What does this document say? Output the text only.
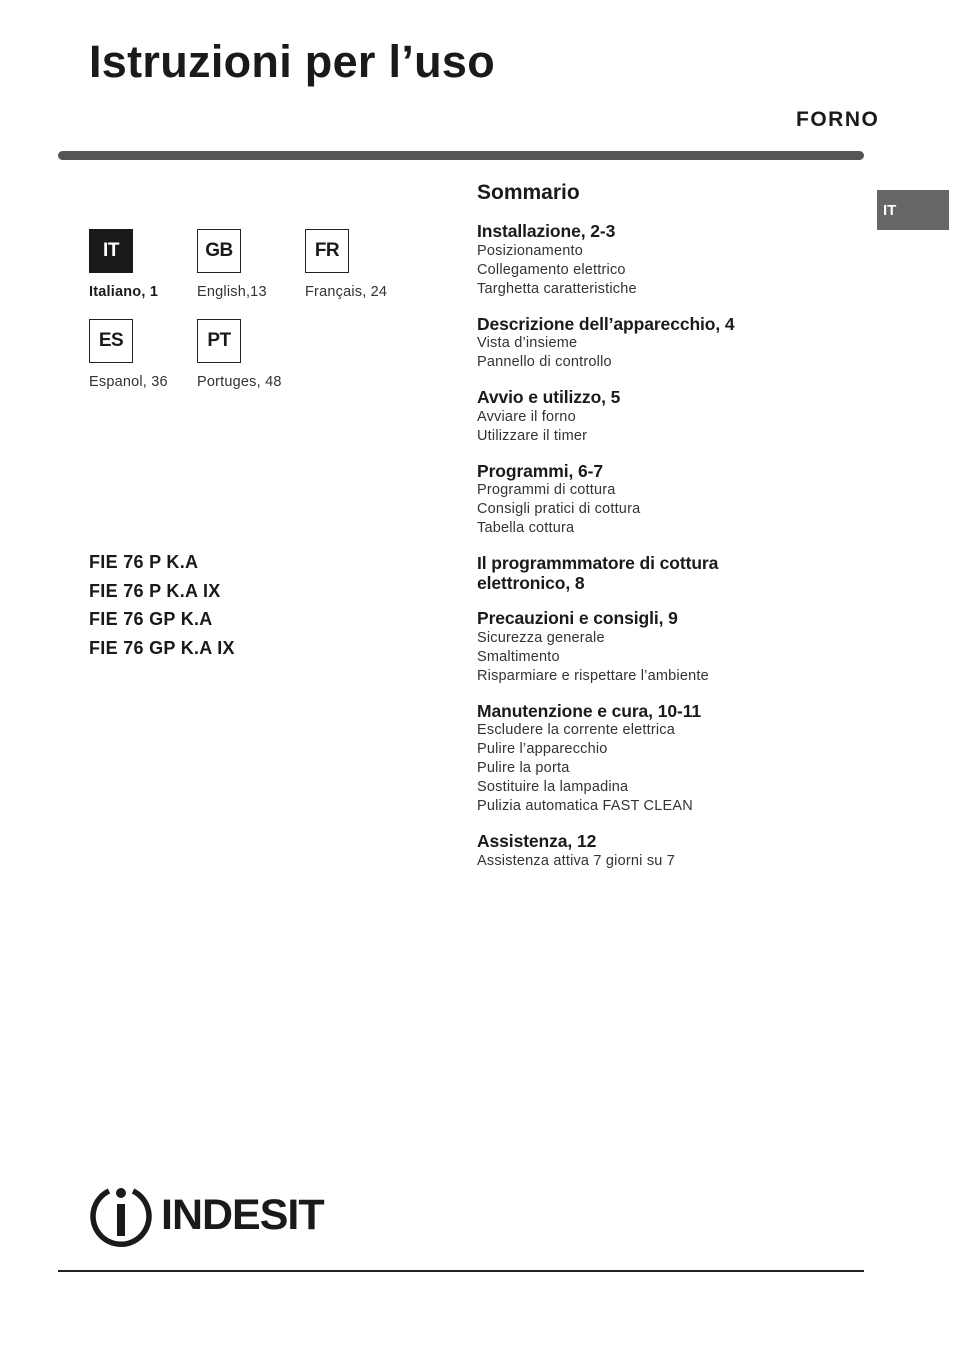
Istruzioni per l’uso
FORNO
IT
IT
Italiano, 1
GB
English,13
FR
Français, 24
ES
Espanol, 36
PT
Portuges, 48
FIE 76 P K.A
FIE 76 P K.A IX
FIE 76 GP K.A
FIE 76 GP K.A IX
Sommario
Installazione, 2-3
Posizionamento
Collegamento elettrico
Targhetta caratteristiche
Descrizione dell’apparecchio, 4
Vista d’insieme
Pannello di controllo
Avvio e utilizzo, 5
Avviare il forno
Utilizzare il timer
Programmi, 6-7
Programmi di cottura
Consigli pratici di cottura
Tabella cottura
Il programmmatore di cottura elettronico, 8
Precauzioni e consigli, 9
Sicurezza generale
Smaltimento
Risparmiare e rispettare l’ambiente
Manutenzione e cura, 10-11
Escludere la corrente elettrica
Pulire l’apparecchio
Pulire la porta
Sostituire la lampadina
Pulizia automatica FAST CLEAN
Assistenza, 12
Assistenza attiva 7 giorni su 7
INDESIT
